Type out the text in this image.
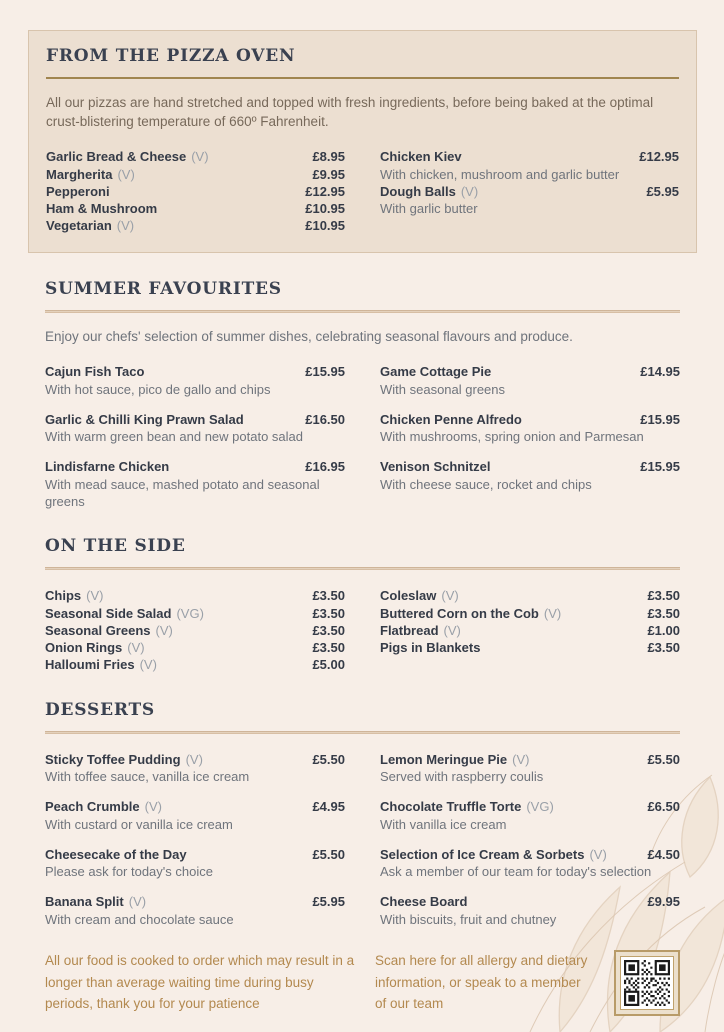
FROM THE PIZZA OVEN

All our pizzas are hand stretched and topped with fresh ingredients, before being baked at the optimal crust-blistering temperature of 660º Fahrenheit.

Garlic Bread & Cheese (V)	£8.95
Margherita (V)	£9.95
Pepperoni	£12.95
Ham & Mushroom	£10.95
Vegetarian (V)	£10.95
Chicken Kiev	£12.95
With chicken, mushroom and garlic butter
Dough Balls (V)	£5.95
With garlic butter
SUMMER FAVOURITES

Enjoy our chefs' selection of summer dishes, celebrating seasonal flavours and produce.

Cajun Fish Taco	£15.95
With hot sauce, pico de gallo and chips
Garlic & Chilli King Prawn Salad	£16.50
With warm green bean and new potato salad
Lindisfarne Chicken	£16.95
With mead sauce, mashed potato and seasonal greens
Game Cottage Pie	£14.95
With seasonal greens
Chicken Penne Alfredo	£15.95
With mushrooms, spring onion and Parmesan
Venison Schnitzel	£15.95
With cheese sauce, rocket and chips
ON THE SIDE
Chips (V)	£3.50
Seasonal Side Salad (VG)	£3.50
Seasonal Greens (V)	£3.50
Onion Rings (V)	£3.50
Halloumi Fries (V)	£5.00
Coleslaw (V)	£3.50
Buttered Corn on the Cob (V)	£3.50
Flatbread (V)	£1.00
Pigs in Blankets	£3.50
DESSERTS
Sticky Toffee Pudding (V)	£5.50
With toffee sauce, vanilla ice cream
Peach Crumble (V)	£4.95
With custard or vanilla ice cream
Cheesecake of the Day	£5.50
Please ask for today's choice
Banana Split (V)	£5.95
With cream and chocolate sauce
Lemon Meringue Pie (V)	£5.50
Served with raspberry coulis
Chocolate Truffle Torte (VG)	£6.50
With vanilla ice cream
Selection of Ice Cream & Sorbets (V)	£4.50
Ask a member of our team for today's selection
Cheese Board	£9.95
With biscuits, fruit and chutney

All our food is cooked to order which may result in a longer than average waiting time during busy periods, thank you for your patience

Scan here for all allergy and dietary information, or speak to a member of our team
